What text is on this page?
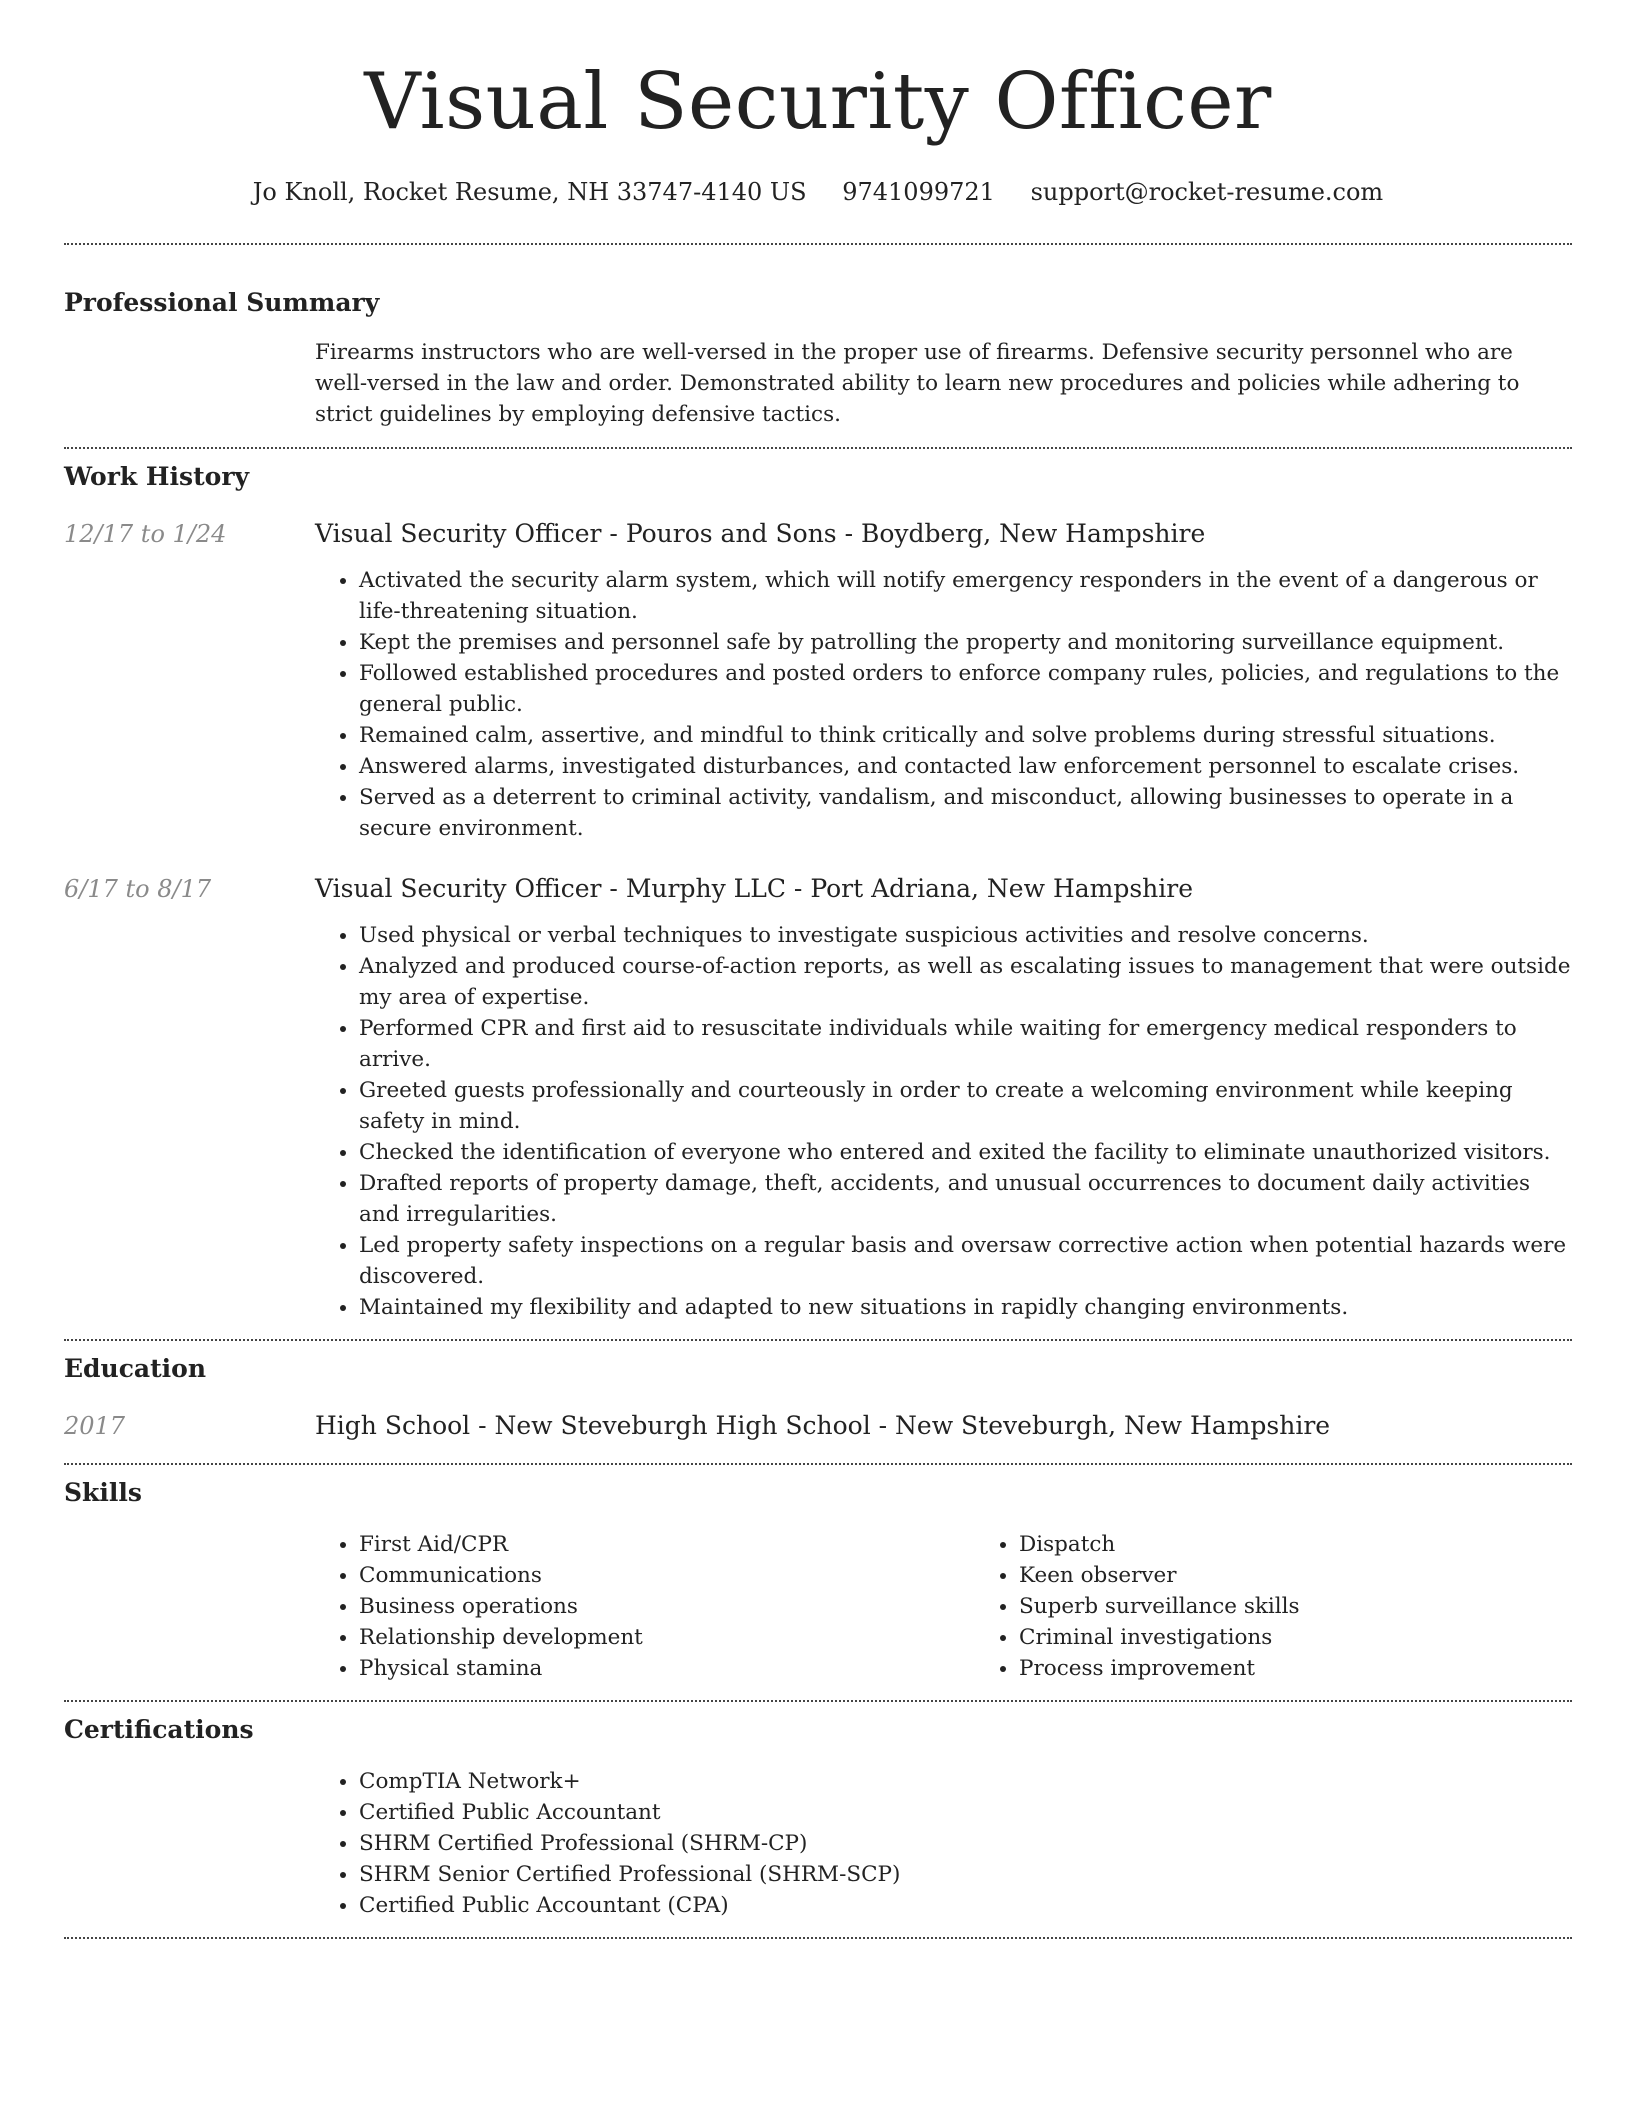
Visual Security Officer
Jo Knoll, Rocket Resume, NH 33747-4140 US 9741099721 support@rocket-resume.com
Professional Summary

Firearms instructors who are well-versed in the proper use of firearms. Defensive security personnel who are well-versed in the law and order. Demonstrated ability to learn new procedures and policies while adhering to strict guidelines by employing defensive tactics.

Work History
12/17 to 1/24	Visual Security Officer - Pouros and Sons - Boydberg, New Hampshire
• Activated the security alarm system, which will notify emergency responders in the event of a dangerous or life-threatening situation.
• Kept the premises and personnel safe by patrolling the property and monitoring surveillance equipment.
• Followed established procedures and posted orders to enforce company rules, policies, and regulations to the general public.
• Remained calm, assertive, and mindful to think critically and solve problems during stressful situations.
• Answered alarms, investigated disturbances, and contacted law enforcement personnel to escalate crises.
• Served as a deterrent to criminal activity, vandalism, and misconduct, allowing businesses to operate in a secure environment.
6/17 to 8/17	Visual Security Officer - Murphy LLC - Port Adriana, New Hampshire
• Used physical or verbal techniques to investigate suspicious activities and resolve concerns.
• Analyzed and produced course-of-action reports, as well as escalating issues to management that were outside my area of expertise.
• Performed CPR and first aid to resuscitate individuals while waiting for emergency medical responders to arrive.
• Greeted guests professionally and courteously in order to create a welcoming environment while keeping safety in mind.
• Checked the identification of everyone who entered and exited the facility to eliminate unauthorized visitors.
• Drafted reports of property damage, theft, accidents, and unusual occurrences to document daily activities and irregularities.
• Led property safety inspections on a regular basis and oversaw corrective action when potential hazards were discovered.
• Maintained my flexibility and adapted to new situations in rapidly changing environments.
Education
2017	High School - New Steveburgh High School - New Steveburgh, New Hampshire
Skills
• First Aid/CPR
• Communications
• Business operations
• Relationship development
• Physical stamina
• Dispatch
• Keen observer
• Superb surveillance skills
• Criminal investigations
• Process improvement
Certifications
• CompTIA Network+
• Certified Public Accountant
• SHRM Certified Professional (SHRM-CP)
• SHRM Senior Certified Professional (SHRM-SCP)
• Certified Public Accountant (CPA)
